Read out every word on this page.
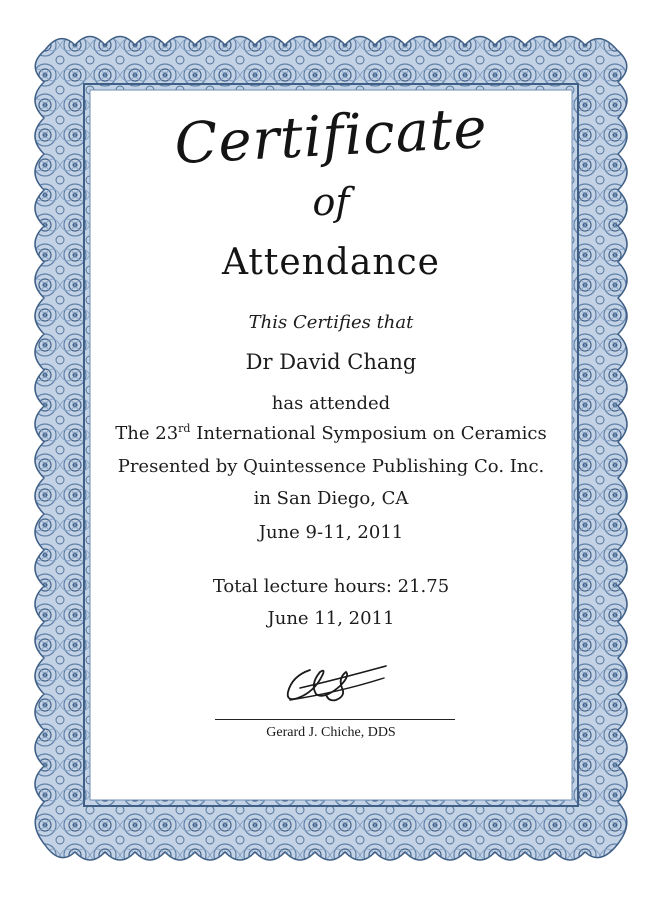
Certificate
of
Attendance
This Certifies that
Dr David Chang
has attended
The 23rd International Symposium on Ceramics
Presented by Quintessence Publishing Co. Inc.
in San Diego, CA
June 9-11, 2011
Total lecture hours: 21.75
June 11, 2011
Gerard J. Chiche, DDS
